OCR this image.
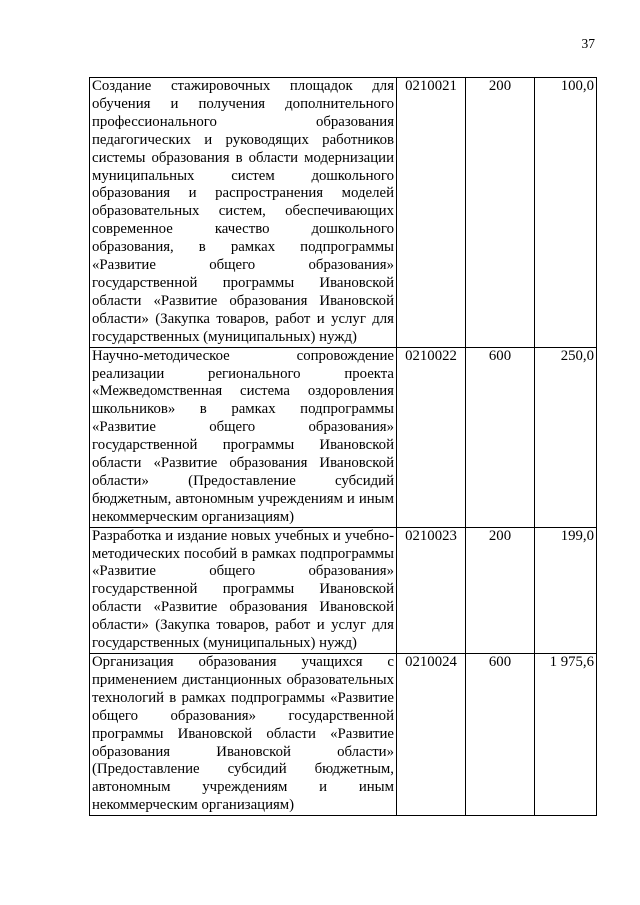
37
Создание стажировочных площадок для обучения и получения дополнительного профессионального образования педагогических и руководящих работников системы образования в области модернизации муниципальных систем дошкольного образования и распространения моделей образовательных систем, обеспечивающих современное качество дошкольного образования, в рамках подпрограммы «Развитие общего образования» государственной программы Ивановской области «Развитие образования Ивановской области» (Закупка товаров, работ и услуг для государственных (муниципальных) нужд)	0210021	200	100,0
Научно-методическое сопровождение реализации регионального проекта «Межведомственная система оздоровления школьников» в рамках подпрограммы «Развитие общего образования» государственной программы Ивановской области «Развитие образования Ивановской области» (Предоставление субсидий бюджетным, автономным учреждениям и иным некоммерческим организациям)	0210022	600	250,0
Разработка и издание новых учебных и учебно-методических пособий в рамках подпрограммы «Развитие общего образования» государственной программы Ивановской области «Развитие образования Ивановской области» (Закупка товаров, работ и услуг для государственных (муниципальных) нужд)	0210023	200	199,0
Организация образования учащихся с применением дистанционных образовательных технологий в рамках подпрограммы «Развитие общего образования» государственной программы Ивановской области «Развитие образования Ивановской области» (Предоставление субсидий бюджетным, автономным учреждениям и иным некоммерческим организациям)	0210024	600	1 975,6
